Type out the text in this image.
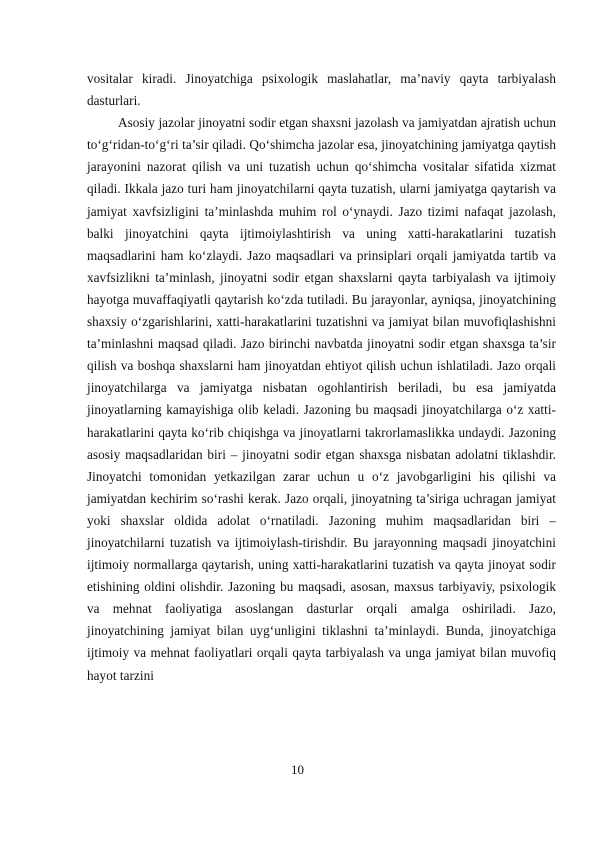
vositalar kiradi. Jinoyatchiga psixologik maslahatlar, ma’naviy qayta tarbiyalash dasturlari.

Asosiy jazolar jinoyatni sodir etgan shaxsni jazolash va jamiyatdan ajratish uchun to‘g‘ridan-to‘g‘ri ta’sir qiladi. Qo‘shimcha jazolar esa, jinoyatchining jamiyatga qaytish jarayonini nazorat qilish va uni tuzatish uchun qo‘shimcha vositalar sifatida xizmat qiladi. Ikkala jazo turi ham jinoyatchilarni qayta tuzatish, ularni jamiyatga qaytarish va jamiyat xavfsizligini ta’minlashda muhim rol o‘ynaydi. Jazo tizimi nafaqat jazolash, balki jinoyatchini qayta ijtimoiylashtirish va uning xatti-harakatlarini tuzatish maqsadlarini ham ko‘zlaydi. Jazo maqsadlari va prinsiplari orqali jamiyatda tartib va xavfsizlikni ta’minlash, jinoyatni sodir etgan shaxslarni qayta tarbiyalash va ijtimoiy hayotga muvaffaqiyatli qaytarish ko‘zda tutiladi. Bu jarayonlar, ayniqsa, jinoyatchining shaxsiy o‘zgarishlarini, xatti-harakatlarini tuzatishni va jamiyat bilan muvofiqlashishni ta’minlashni maqsad qiladi. Jazo birinchi navbatda jinoyatni sodir etgan shaxsga ta’sir qilish va boshqa shaxslarni ham jinoyatdan ehtiyot qilish uchun ishlatiladi. Jazo orqali jinoyatchilarga va jamiyatga nisbatan ogohlantirish beriladi, bu esa jamiyatda jinoyatlarning kamayishiga olib keladi. Jazoning bu maqsadi jinoyatchilarga o‘z xatti-harakatlarini qayta ko‘rib chiqishga va jinoyatlarni takrorlamaslikka undaydi. Jazoning asosiy maqsadlaridan biri – jinoyatni sodir etgan shaxsga nisbatan adolatni tiklashdir. Jinoyatchi tomonidan yetkazilgan zarar uchun u o‘z javobgarligini his qilishi va jamiyatdan kechirim so‘rashi kerak. Jazo orqali, jinoyatning ta’siriga uchragan jamiyat yoki shaxslar oldida adolat o‘rnatiladi. Jazoning muhim maqsadlaridan biri – jinoyatchilarni tuzatish va ijtimoiylash-tirishdir. Bu jarayonning maqsadi jinoyatchini ijtimoiy normallarga qaytarish, uning xatti-harakatlarini tuzatish va qayta jinoyat sodir etishining oldini olishdir. Jazoning bu maqsadi, asosan, maxsus tarbiyaviy, psixologik va mehnat faoliyatiga asoslangan dasturlar orqali amalga oshiriladi. Jazo, jinoyatchining jamiyat bilan uyg‘unligini tiklashni ta’minlaydi. Bunda, jinoyatchiga ijtimoiy va mehnat faoliyatlari orqali qayta tarbiyalash va unga jamiyat bilan muvofiq hayot tarzini

10
